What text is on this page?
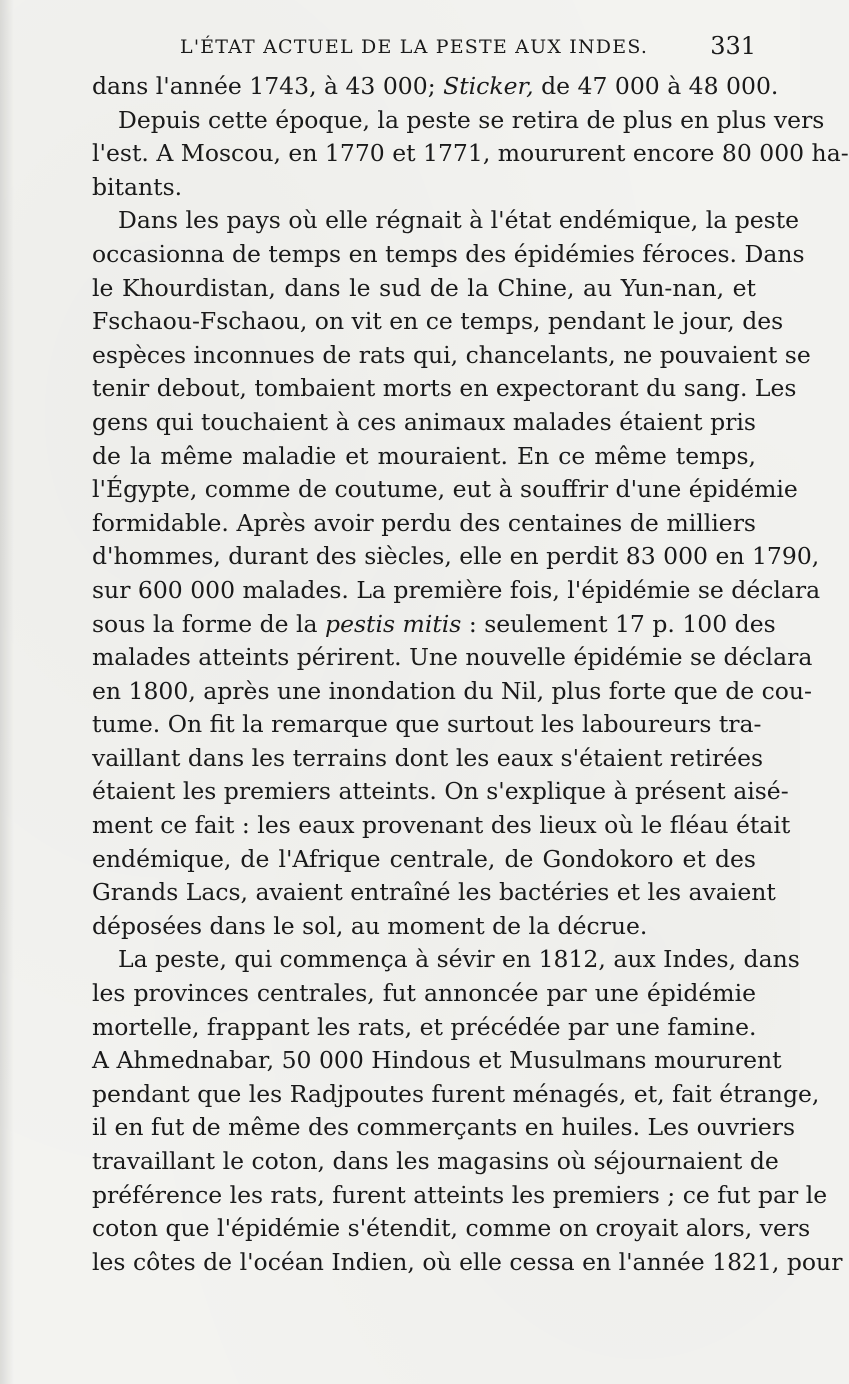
L'ÉTAT ACTUEL DE LA PESTE AUX INDES.	331
dans l'année 1743, à 43 000; Sticker, de 47 000 à 48 000.
Depuis cette époque, la peste se retira de plus en plus vers
l'est. A Moscou, en 1770 et 1771, moururent encore 80 000 ha-
bitants.
Dans les pays où elle régnait à l'état endémique, la peste
occasionna de temps en temps des épidémies féroces. Dans
le Khourdistan, dans le sud de la Chine, au Yun-nan, et
Fschaou-Fschaou, on vit en ce temps, pendant le jour, des
espèces inconnues de rats qui, chancelants, ne pouvaient se
tenir debout, tombaient morts en expectorant du sang. Les
gens qui touchaient à ces animaux malades étaient pris
de la même maladie et mouraient. En ce même temps,
l'Égypte, comme de coutume, eut à souffrir d'une épidémie
formidable. Après avoir perdu des centaines de milliers
d'hommes, durant des siècles, elle en perdit 83 000 en 1790,
sur 600 000 malades. La première fois, l'épidémie se déclara
sous la forme de la pestis mitis : seulement 17 p. 100 des
malades atteints périrent. Une nouvelle épidémie se déclara
en 1800, après une inondation du Nil, plus forte que de cou-
tume. On fit la remarque que surtout les laboureurs tra-
vaillant dans les terrains dont les eaux s'étaient retirées
étaient les premiers atteints. On s'explique à présent aisé-
ment ce fait : les eaux provenant des lieux où le fléau était
endémique, de l'Afrique centrale, de Gondokoro et des
Grands Lacs, avaient entraîné les bactéries et les avaient
déposées dans le sol, au moment de la décrue.
La peste, qui commença à sévir en 1812, aux Indes, dans
les provinces centrales, fut annoncée par une épidémie
mortelle, frappant les rats, et précédée par une famine.
A Ahmednabar, 50 000 Hindous et Musulmans moururent
pendant que les Radjpoutes furent ménagés, et, fait étrange,
il en fut de même des commerçants en huiles. Les ouvriers
travaillant le coton, dans les magasins où séjournaient de
préférence les rats, furent atteints les premiers ; ce fut par le
coton que l'épidémie s'étendit, comme on croyait alors, vers
les côtes de l'océan Indien, où elle cessa en l'année 1821, pour
